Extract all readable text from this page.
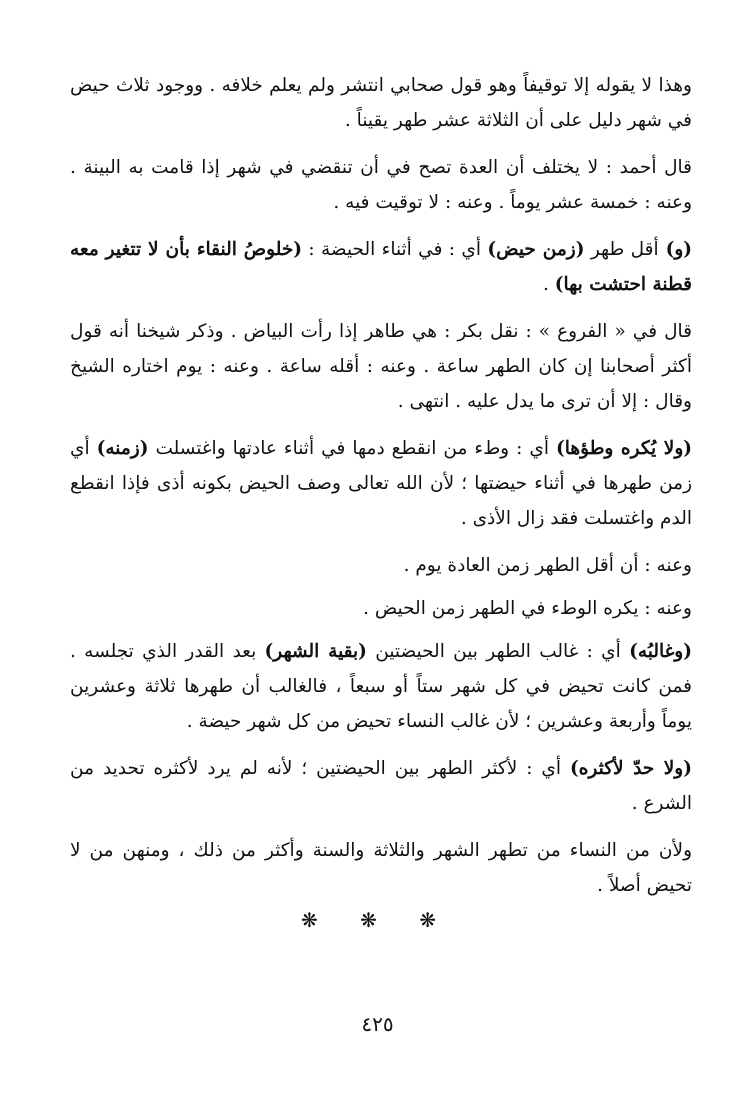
وهذا لا يقوله إلا توقيفاً وهو قول صحابي انتشر ولم يعلم خلافه . ووجود ثلاث حيض في شهر دليل على أن الثلاثة عشر طهر يقيناً .

قال أحمد : لا يختلف أن العدة تصح في أن تنقضي في شهر إذا قامت به البينة . وعنه : خمسة عشر يوماً . وعنه : لا توقيت فيه .

(و) أقل طهر (زمن حيض) أي : في أثناء الحيضة : (خلوصُ النقاء بأن لا تتغير معه قطنة احتشت بها) .

قال في « الفروع » : نقل بكر : هي طاهر إذا رأت البياض . وذكر شيخنا أنه قول أكثر أصحابنا إن كان الطهر ساعة . وعنه : أقله ساعة . وعنه : يوم اختاره الشيخ وقال : إلا أن ترى ما يدل عليه . انتهى .

(ولا يُكره وطؤها) أي : وطء من انقطع دمها في أثناء عادتها واغتسلت (زمنه) أي زمن طهرها في أثناء حيضتها ؛ لأن الله تعالى وصف الحيض بكونه أذى فإذا انقطع الدم واغتسلت فقد زال الأذى .

وعنه : أن أقل الطهر زمن العادة يوم .

وعنه : يكره الوطء في الطهر زمن الحيض .

(وغالبُه) أي : غالب الطهر بين الحيضتين (بقية الشهر) بعد القدر الذي تجلسه . فمن كانت تحيض في كل شهر ستاً أو سبعاً ، فالغالب أن طهرها ثلاثة وعشرين يوماً وأربعة وعشرين ؛ لأن غالب النساء تحيض من كل شهر حيضة .

(ولا حدّ لأكثره) أي : لأكثر الطهر بين الحيضتين ؛ لأنه لم يرد لأكثره تحديد من الشرع .

ولأن من النساء من تطهر الشهر والثلاثة والسنة وأكثر من ذلك ، ومنهن من لا تحيض أصلاً .

❋ ❋ ❋
٤٢٥
